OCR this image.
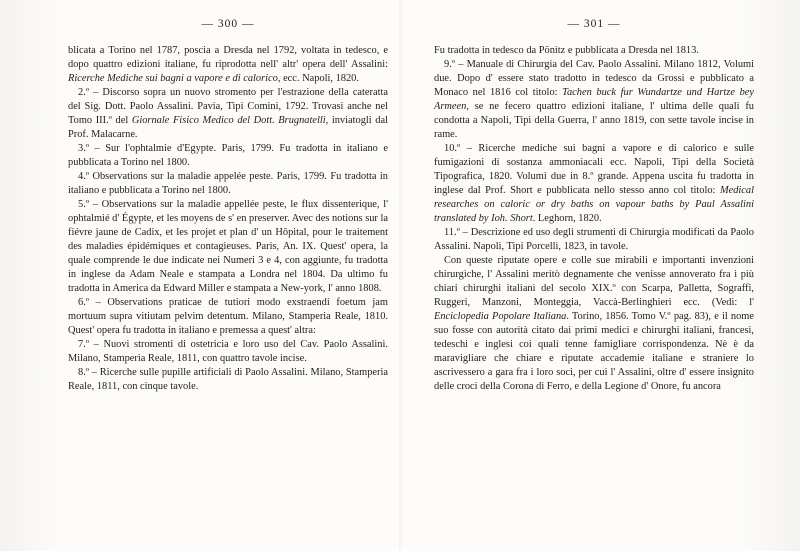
— 300 —

blicata a Torino nel 1787, poscia a Dresda nel 1792, voltata in tedesco, e dopo quattro edizioni italiane, fu riprodotta nell' altr' opera dell' Assalini: Ricerche Mediche sui bagni a vapore e di calorico, ecc. Napoli, 1820.

2.º – Discorso sopra un nuovo stromento per l'estrazione della cateratta del Sig. Dott. Paolo Assalini. Pavia, Tipi Comini, 1792. Trovasi anche nel Tomo III.º del Giornale Fisico Medico del Dott. Brugnatelli, inviatogli dal Prof. Malacarne.

3.º – Sur l'ophtalmie d'Egypte. Paris, 1799. Fu tradotta in italiano e pubblicata a Torino nel 1800.

4.º Observations sur la maladie appelée peste. Paris, 1799. Fu tradotta in italiano e pubblicata a Torino nel 1800.

5.º – Observations sur la maladie appellée peste, le flux dissenterique, l' ophtalmié d' Égypte, et les moyens de s' en preserver. Avec des notions sur la fiévre jaune de Cadix, et les projet et plan d' un Hôpital, pour le traitement des maladies épidémiques et contagieuses. Paris, An. IX. Quest' opera, la quale comprende le due indicate nei Numeri 3 e 4, con aggiunte, fu tradotta in inglese da Adam Neale e stampata a Londra nel 1804. Da ultimo fu tradotta in America da Edward Miller e stampata a New-york, l' anno 1808.

6.º – Observations praticae de tutiori modo exstraendi foetum jam mortuum supra vitiutam pelvim detentum. Milano, Stamperia Reale, 1810. Quest' opera fu tradotta in italiano e premessa a quest' altra:

7.º – Nuovi stromenti di ostetricia e loro uso del Cav. Paolo Assalini. Milano, Stamperia Reale, 1811, con quattro tavole incise.

8.º – Ricerche sulle pupille artificiali di Paolo Assalini. Milano, Stamperia Reale, 1811, con cinque tavole.

— 301 —

Fu tradotta in tedesco da Pönitz e pubblicata a Dresda nel 1813.

9.º – Manuale di Chirurgia del Cav. Paolo Assalini. Milano 1812, Volumi due. Dopo d' essere stato tradotto in tedesco da Grossi e pubblicato a Monaco nel 1816 col titolo: Tachen buck fur Wundartze und Hartze bey Armeen, se ne fecero quattro edizioni italiane, l' ultima delle quali fu condotta a Napoli, Tipi della Guerra, l' anno 1819, con sette tavole incise in rame.

10.º – Ricerche mediche sui bagni a vapore e di calorico e sulle fumigazioni di sostanza ammoniacali ecc. Napoli, Tipi della Società Tipografica, 1820. Volumi due in 8.º grande. Appena uscita fu tradotta in inglese dal Prof. Short e pubblicata nello stesso anno col titolo: Medical researches on caloric or dry baths on vapour baths by Paul Assalini translated by Ioh. Short. Leghorn, 1820.

11.º – Descrizione ed uso degli strumenti di Chirurgia modificati da Paolo Assalini. Napoli, Tipi Porcelli, 1823, in tavole.

Con queste riputate opere e colle sue mirabili e importanti invenzioni chirurgiche, l' Assalini meritò degnamente che venisse annoverato fra i più chiari chirurghi italiani del secolo XIX.º con Scarpa, Palletta, Sograffi, Ruggeri, Manzoni, Monteggia, Vaccà-Berlinghieri ecc. (Vedi: l' Enciclopedia Popolare Italiana. Torino, 1856. Tomo V.º pag. 83), e il nome suo fosse con autorità citato dai primi medici e chirurghi italiani, francesi, tedeschi e inglesi coi quali tenne famigliare corrispondenza. Nè è da maravigliare che chiare e riputate accademie italiane e straniere lo ascrivessero a gara fra i loro soci, per cui l' Assalini, oltre d' essere insignito delle croci della Corona di Ferro, e della Legione d' Onore, fu ancora
